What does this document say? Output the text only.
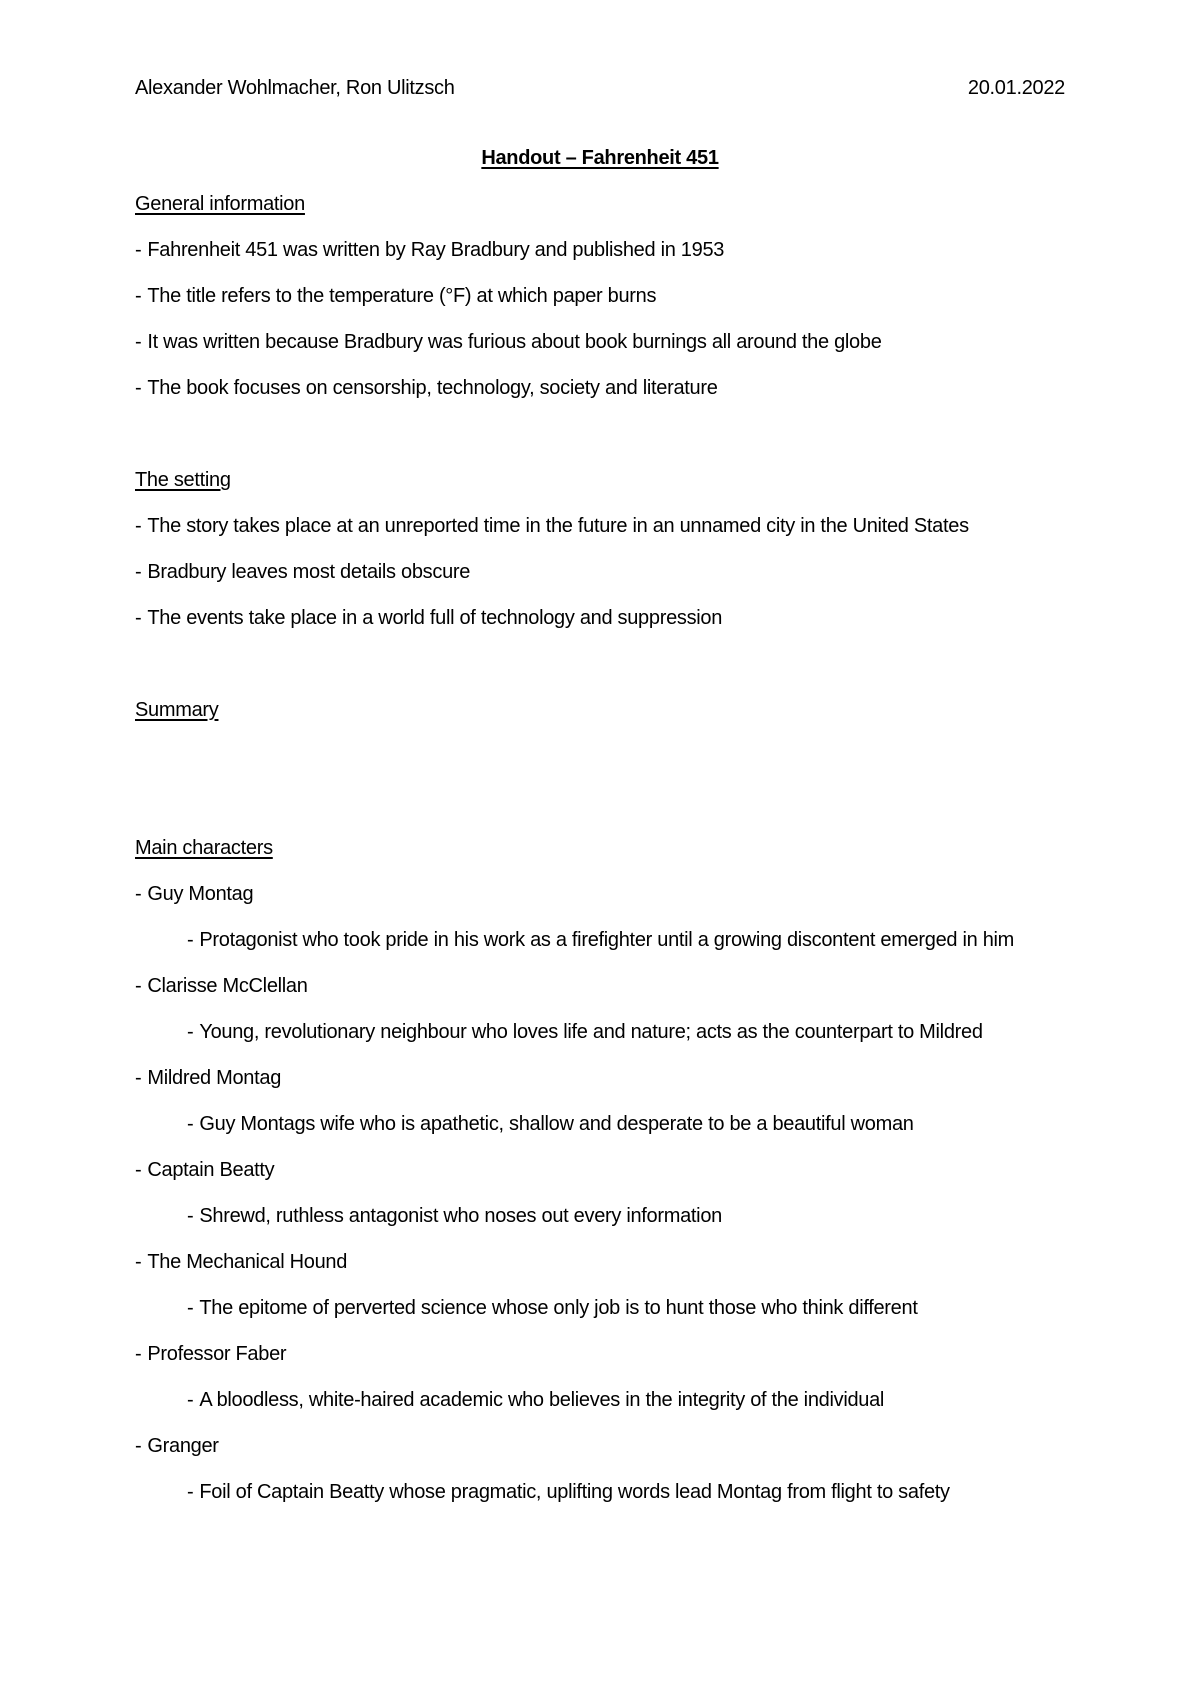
Alexander Wohlmacher, Ron Ulitzsch	20.01.2022
Handout – Fahrenheit 451
General information

- Fahrenheit 451 was written by Ray Bradbury and published in 1953

- The title refers to the temperature (°F) at which paper burns

- It was written because Bradbury was furious about book burnings all around the globe

- The book focuses on censorship, technology, society and literature

The setting

- The story takes place at an unreported time in the future in an unnamed city in the United States

- Bradbury leaves most details obscure

- The events take place in a world full of technology and suppression

Summary
Main characters

- Guy Montag

- Protagonist who took pride in his work as a firefighter until a growing discontent emerged in him

- Clarisse McClellan

- Young, revolutionary neighbour who loves life and nature; acts as the counterpart to Mildred

- Mildred Montag

- Guy Montags wife who is apathetic, shallow and desperate to be a beautiful woman

- Captain Beatty

- Shrewd, ruthless antagonist who noses out every information

- The Mechanical Hound

- The epitome of perverted science whose only job is to hunt those who think different

- Professor Faber

- A bloodless, white-haired academic who believes in the integrity of the individual

- Granger

- Foil of Captain Beatty whose pragmatic, uplifting words lead Montag from flight to safety
